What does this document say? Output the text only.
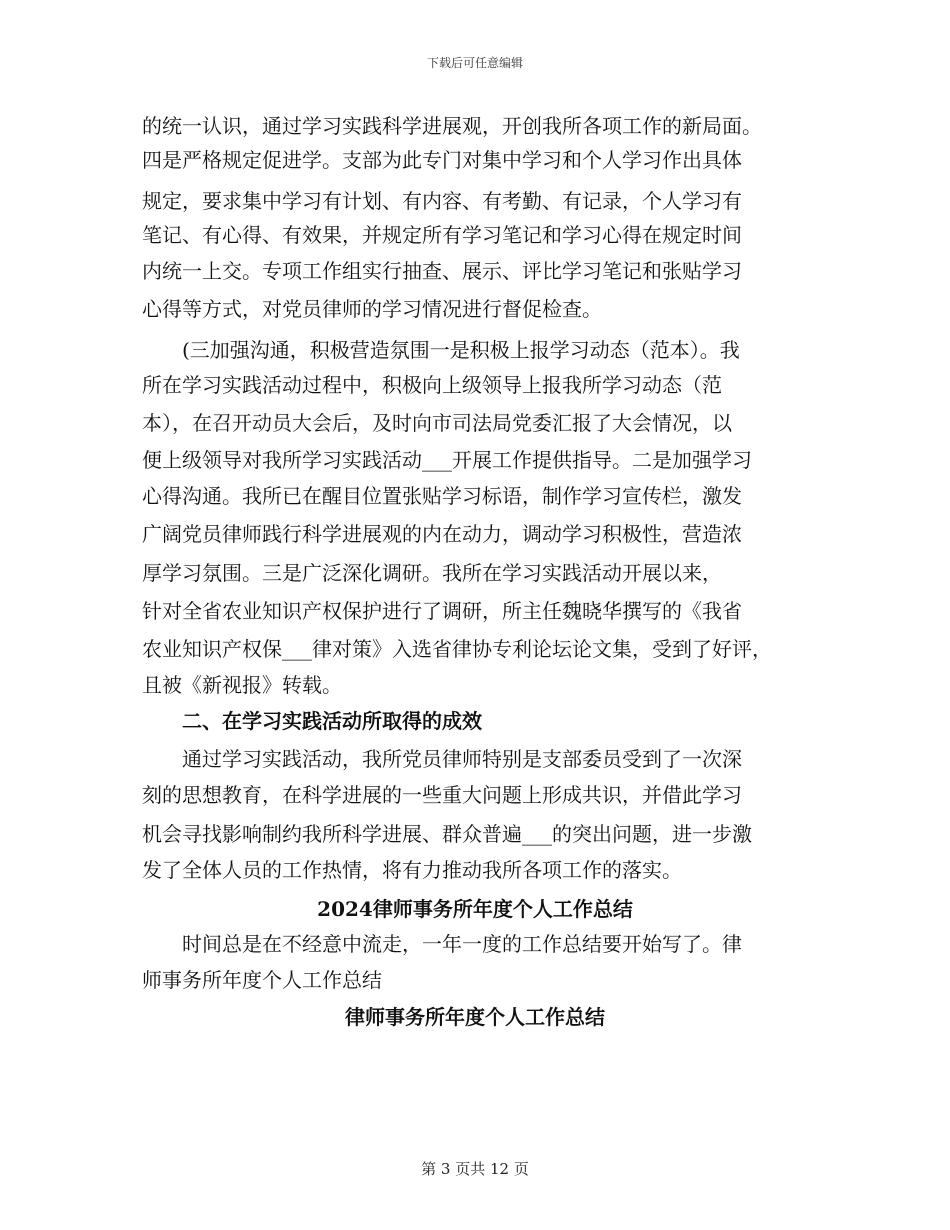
下载后可任意编辑
的统一认识，通过学习实践科学进展观，开创我所各项工作的新局面。
四是严格规定促进学。支部为此专门对集中学习和个人学习作出具体
规定，要求集中学习有计划、有内容、有考勤、有记录，个人学习有
笔记、有心得、有效果，并规定所有学习笔记和学习心得在规定时间
内统一上交。专项工作组实行抽查、展示、评比学习笔记和张贴学习
心得等方式，对党员律师的学习情况进行督促检查。
(三加强沟通，积极营造氛围一是积极上报学习动态（范本）。我
所在学习实践活动过程中，积极向上级领导上报我所学习动态（范
本），在召开动员大会后，及时向市司法局党委汇报了大会情况，以
便上级领导对我所学习实践活动___开展工作提供指导。二是加强学习
心得沟通。我所已在醒目位置张贴学习标语，制作学习宣传栏，激发
广阔党员律师践行科学进展观的内在动力，调动学习积极性，营造浓
厚学习氛围。三是广泛深化调研。我所在学习实践活动开展以来，
针对全省农业知识产权保护进行了调研，所主任魏晓华撰写的《我省
农业知识产权保___律对策》入选省律协专利论坛论文集，受到了好评，
且被《新视报》转载。
二、在学习实践活动所取得的成效
通过学习实践活动，我所党员律师特别是支部委员受到了一次深
刻的思想教育，在科学进展的一些重大问题上形成共识，并借此学习
机会寻找影响制约我所科学进展、群众普遍___的突出问题，进一步激
发了全体人员的工作热情，将有力推动我所各项工作的落实。
2024律师事务所年度个人工作总结
时间总是在不经意中流走，一年一度的工作总结要开始写了。律
师事务所年度个人工作总结
律师事务所年度个人工作总结
第 3 页共 12 页
